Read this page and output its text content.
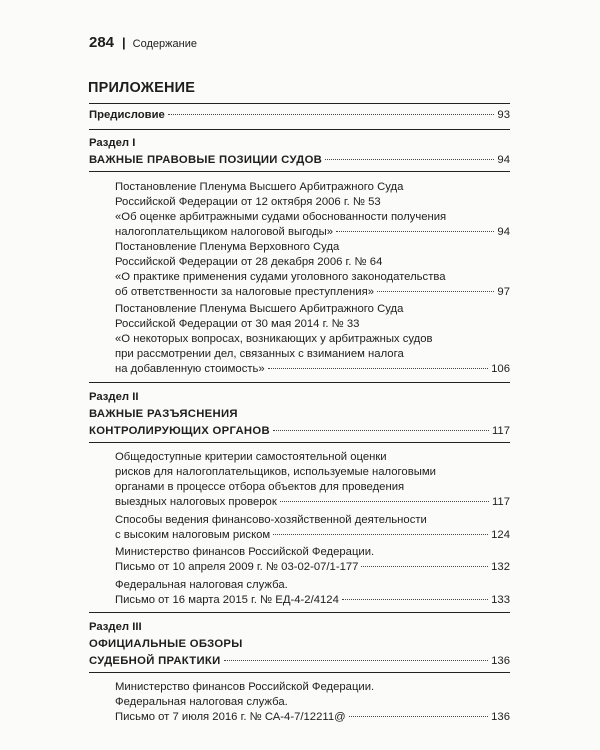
284 | Содержание
ПРИЛОЖЕНИЕ
Предисловие	93
Раздел I
ВАЖНЫЕ ПРАВОВЫЕ ПОЗИЦИИ СУДОВ	94
Постановление Пленума Высшего Арбитражного Суда
Российской Федерации от 12 октября 2006 г. № 53
«Об оценке арбитражными судами обоснованности получения
налогоплательщиком налоговой выгоды»	94
Постановление Пленума Верховного Суда
Российской Федерации от 28 декабря 2006 г. № 64
«О практике применения судами уголовного законодательства
об ответственности за налоговые преступления»	97
Постановление Пленума Высшего Арбитражного Суда
Российской Федерации от 30 мая 2014 г. № 33
«О некоторых вопросах, возникающих у арбитражных судов
при рассмотрении дел, связанных с взиманием налога
на добавленную стоимость»	106
Раздел II
ВАЖНЫЕ РАЗЪЯСНЕНИЯ
КОНТРОЛИРУЮЩИХ ОРГАНОВ	117
Общедоступные критерии самостоятельной оценки
рисков для налогоплательщиков, используемые налоговыми
органами в процессе отбора объектов для проведения
выездных налоговых проверок	117
Способы ведения финансово-хозяйственной деятельности
с высоким налоговым риском	124
Министерство финансов Российской Федерации.
Письмо от 10 апреля 2009 г. № 03-02-07/1-177	132
Федеральная налоговая служба.
Письмо от 16 марта 2015 г. № ЕД-4-2/4124	133
Раздел III
ОФИЦИАЛЬНЫЕ ОБЗОРЫ
СУДЕБНОЙ ПРАКТИКИ	136
Министерство финансов Российской Федерации.
Федеральная налоговая служба.
Письмо от 7 июля 2016 г. № СА-4-7/12211@	136
